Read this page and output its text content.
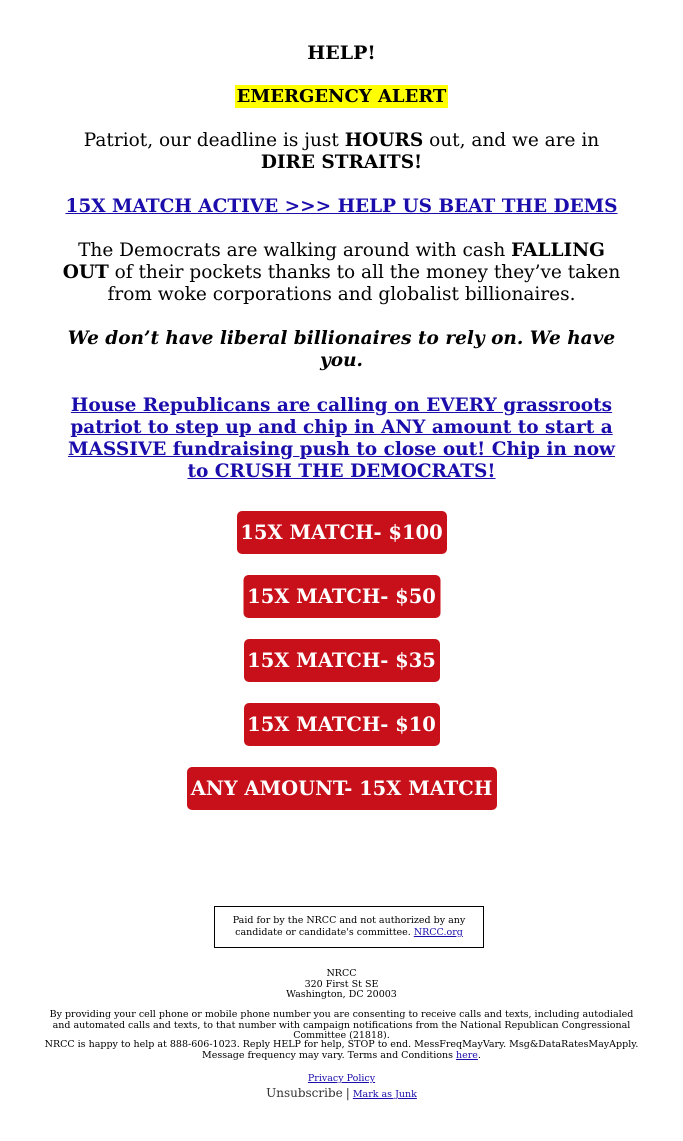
HELP!
EMERGENCY ALERT
Patriot, our deadline is just HOURS out, and we are in DIRE STRAITS!
15X MATCH ACTIVE >>> HELP US BEAT THE DEMS
The Democrats are walking around with cash FALLING OUT of their pockets thanks to all the money they’ve taken from woke corporations and globalist billionaires.
We don’t have liberal billionaires to rely on. We have you.
House Republicans are calling on EVERY grassroots patriot to step up and chip in ANY amount to start a MASSIVE fundraising push to close out! Chip in now to CRUSH THE DEMOCRATS!
15X MATCH- $100
15X MATCH- $50
15X MATCH- $35
15X MATCH- $10
ANY AMOUNT- 15X MATCH
Paid for by the NRCC and not authorized by any candidate or candidate's committee. NRCC.org
NRCC
320 First St SE
Washington, DC 20003
By providing your cell phone or mobile phone number you are consenting to receive calls and texts, including autodialed and automated calls and texts, to that number with campaign notifications from the National Republican Congressional Committee (21818).
NRCC is happy to help at 888-606-1023. Reply HELP for help, STOP to end. MessFreqMayVary. Msg&DataRatesMayApply. Message frequency may vary. Terms and Conditions here.
Privacy Policy
Unsubscribe | Mark as Junk
